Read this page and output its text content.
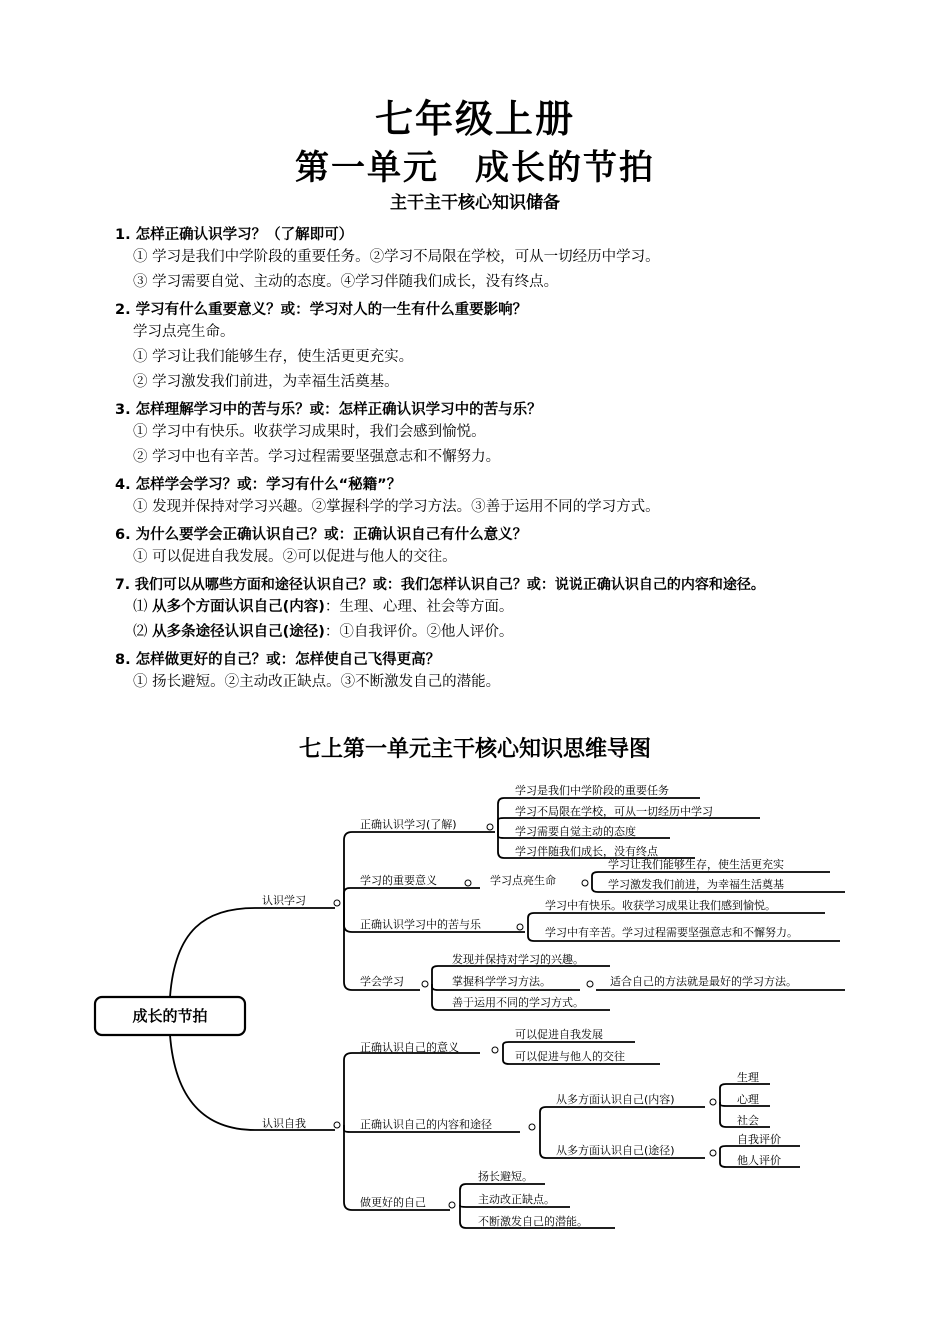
七年级上册
第一单元　成长的节拍
主干主干核心知识储备
1. 怎样正确认识学习？（了解即可）
① 学习是我们中学阶段的重要任务。②学习不局限在学校，可从一切经历中学习。
③ 学习需要自觉、主动的态度。④学习伴随我们成长，没有终点。
2. 学习有什么重要意义？或：学习对人的一生有什么重要影响？
学习点亮生命。
① 学习让我们能够生存，使生活更更充实。
② 学习激发我们前进，为幸福生活奠基。
3. 怎样理解学习中的苦与乐？或：怎样正确认识学习中的苦与乐？
① 学习中有快乐。收获学习成果时，我们会感到愉悦。
② 学习中也有辛苦。学习过程需要坚强意志和不懈努力。
4. 怎样学会学习？或：学习有什么“秘籍”？
① 发现并保持对学习兴趣。②掌握科学的学习方法。③善于运用不同的学习方式。
6. 为什么要学会正确认识自己？或：正确认识自己有什么意义？
① 可以促进自我发展。②可以促进与他人的交往。
7. 我们可以从哪些方面和途径认识自己？或：我们怎样认识自己？或：说说正确认识自己的内容和途径。
⑴ 从多个方面认识自己(内容)：生理、心理、社会等方面。
⑵ 从多条途径认识自己(途径)：①自我评价。②他人评价。
8. 怎样做更好的自己？或：怎样使自己飞得更高？
① 扬长避短。②主动改正缺点。③不断激发自己的潜能。
七上第一单元主干核心知识思维导图
成长的节拍
认识学习
认识自我
正确认识学习(了解)
学习是我们中学阶段的重要任务
学习不局限在学校，可从一切经历中学习
学习需要自觉主动的态度
学习伴随我们成长，没有终点
学习的重要意义	学习点亮生命
学习让我们能够生存，使生活更充实
学习激发我们前进，为幸福生活奠基
正确认识学习中的苦与乐
学习中有快乐。收获学习成果让我们感到愉悦。
学习中有辛苦。学习过程需要坚强意志和不懈努力。
学会学习
发现并保持对学习的兴趣。
掌握科学学习方法。	适合自己的方法就是最好的学习方法。
善于运用不同的学习方式。
正确认识自己的意义
可以促进自我发展
可以促进与他人的交往
正确认识自己的内容和途径
从多方面认识自己(内容)
生理
心理
社会
从多方面认识自己(途径)
自我评价
他人评价
做更好的自己
扬长避短。
主动改正缺点。
不断激发自己的潜能。
